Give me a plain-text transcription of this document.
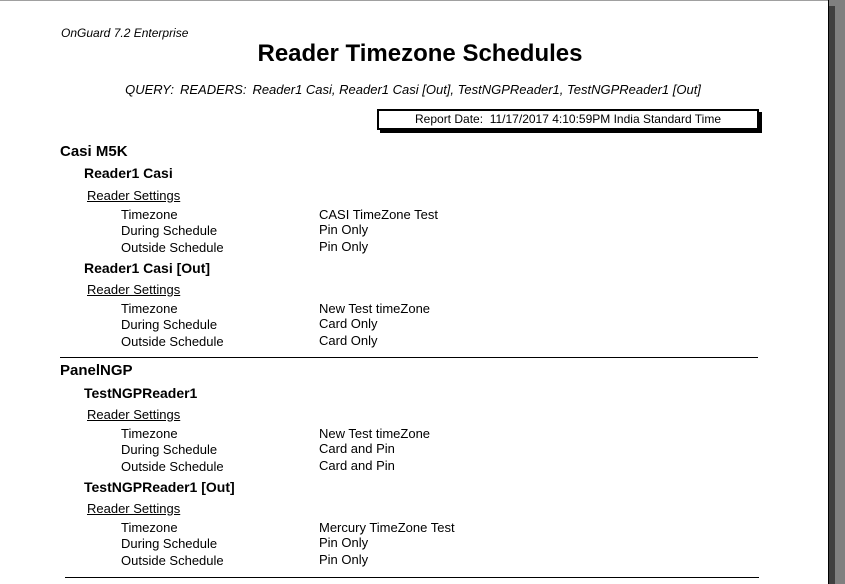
OnGuard 7.2 Enterprise
Reader Timezone Schedules
QUERY: READERS: Reader1 Casi, Reader1 Casi [Out], TestNGPReader1, TestNGPReader1 [Out]
Report Date: 11/17/2017 4:10:59PM India Standard Time
Casi M5K
Reader1 Casi
Reader Settings
Timezone	CASI TimeZone Test
During Schedule	Pin Only
Outside Schedule	Pin Only
Reader1 Casi [Out]
Reader Settings
Timezone	New Test timeZone
During Schedule	Card Only
Outside Schedule	Card Only
PanelNGP
TestNGPReader1
Reader Settings
Timezone	New Test timeZone
During Schedule	Card and Pin
Outside Schedule	Card and Pin
TestNGPReader1 [Out]
Reader Settings
Timezone	Mercury TimeZone Test
During Schedule	Pin Only
Outside Schedule	Pin Only
